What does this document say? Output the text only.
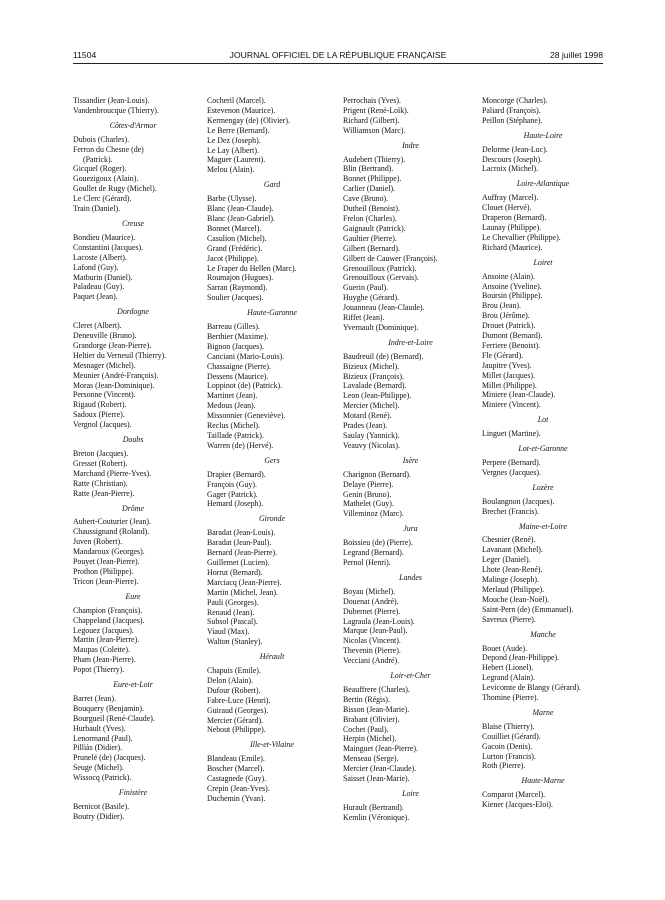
11504	JOURNAL OFFICIEL DE LA RÉPUBLIQUE FRANÇAISE	28 juillet 1998
Tissandier (Jean-Louis).
Vandenbroucque (Thierry).
Côtes-d'Armor
Dubois (Charles).
Ferron du Chesne (de)
(Patrick).
Gicquel (Roger).
Gouezigoux (Alain).
Goullet de Rugy (Michel).
Le Clerc (Gérard).
Train (Daniel).
Creuse
Bondieu (Maurice).
Constantini (Jacques).
Lacoste (Albert).
Lafond (Guy).
Matburin (Daniel).
Paladeau (Guy).
Paquet (Jean).
Dordogne
Cleret (Albert).
Deneuville (Bruno).
Grandorge (Jean-Pierre).
Heltier du Verneuil (Thierry).
Mesnager (Michel).
Meunier (André-François).
Moras (Jean-Dominique).
Personne (Vincent).
Rigaud (Robert).
Sadoux (Pierre).
Vergnol (Jacques).
Doubs
Breton (Jacques).
Gresset (Robert).
Marchand (Pierre-Yves).
Ratte (Christian).
Ratte (Jean-Pierre).
Drôme
Aubert-Couturier (Jean).
Chaussignand (Roland).
Juven (Robert).
Mandaroux (Georges).
Pouyet (Jean-Pierre).
Prothon (Philippe).
Tricon (Jean-Pierre).
Eure
Champion (François).
Chappeland (Jacques).
Legouez (Jacques).
Martin (Jean-Pierre).
Maupas (Colette).
Pham (Jean-Pierre).
Popot (Thierry).
Eure-et-Loir
Barret (Jean).
Bouquery (Benjamin).
Bourgueil (René-Claude).
Hurbault (Yves).
Lenormand (Paul).
Pilliàs (Didier).
Prunelé (de) (Jacques).
Seuge (Michel).
Wissocq (Patrick).
Finistère
Bernicot (Basile).
Boutry (Didier).
Cocheril (Marcel).
Estevenon (Maurice).
Kermengay (de) (Olivier).
Le Berre (Bernard).
Le Dez (Joseph).
Le Lay (Albert).
Maguer (Laurent).
Melou (Alain).
Gard
Barbe (Ulysse).
Blanc (Jean-Claude).
Blanc (Jean-Gabriel).
Bonnet (Marcel).
Casulion (Michel).
Grand (Frédéric).
Jacot (Philippe).
Le Fraper du Hellen (Marc).
Roumajon (Hugues).
Sarran (Raymond).
Soulier (Jacques).
Haute-Garonne
Barreau (Gilles).
Berthier (Maxime).
Bignon (Jacques).
Canciani (Mario-Louis).
Chassaigne (Pierre).
Dessens (Maurice).
Loppinot (de) (Patrick).
Martinet (Jean).
Medous (Jean).
Missonnier (Geneviève).
Reclus (Michel).
Taillade (Patrick).
Warren (de) (Hervé).
Gers
Drapier (Bernard).
François (Guy).
Gager (Patrick).
Hemard (Joseph).
Gironde
Baradat (Jean-Louis).
Baradat (Jean-Paul).
Bernard (Jean-Pierre).
Guillemet (Lucien).
Horrut (Bernard).
Marciacq (Jean-Pierre).
Martin (Michel, Jean).
Pauli (Georges).
Renaud (Jean).
Subsol (Pascal).
Viaud (Max).
Walton (Stanley).
Hérault
Chapuis (Emile).
Delon (Alain).
Dufour (Robert).
Fabre-Luce (Henri).
Guiraud (Georges).
Mercier (Gérard).
Nebout (Philippe).
Ille-et-Vilaine
Blandeau (Emile).
Boscher (Marcel).
Castagnede (Guy).
Crepin (Jean-Yves).
Duchemin (Yvan).
Perrochais (Yves).
Prigent (René-Loïk).
Richard (Gilbert).
Williamson (Marc).
Indre
Audebert (Thierry).
Blin (Bertrand).
Bonnet (Philippe).
Carlier (Daniel).
Cave (Bruno).
Dutheil (Benoist).
Frelon (Charles).
Gaignault (Patrick).
Gaultier (Pierre).
Gilbert (Bernard).
Gilbert de Cauwer (François).
Grenouilloux (Patrick).
Grenouilloux (Gervais).
Guerin (Paul).
Huyghe (Gérard).
Jouanneau (Jean-Claude).
Riffet (Jean).
Yvernault (Dominique).
Indre-et-Loire
Baudreuil (de) (Bernard).
Bizieux (Michel).
Bizieux (François).
Lavalade (Bernard).
Leon (Jean-Philippe).
Mercier (Michel).
Motard (René).
Prades (Jean).
Saulay (Yannick).
Veauvy (Nicolas).
Isère
Charignon (Bernard).
Delaye (Pierre).
Genin (Bruno).
Mathelet (Guy).
Villeminoz (Marc).
Jura
Boissieu (de) (Pierre).
Legrand (Bernard).
Pernol (Henri).
Landes
Boyau (Michel).
Douenat (André).
Dubernet (Pierre).
Lagraula (Jean-Louis).
Marque (Jean-Paul).
Nicolas (Vincent).
Thevenin (Pierre).
Vecciani (André).
Loir-et-Cher
Beauffrere (Charles).
Bertin (Régis).
Bisson (Jean-Marie).
Brabant (Olivier).
Cochet (Paul).
Herpin (Michel).
Mainguet (Jean-Pierre).
Menseau (Serge).
Mercier (Jean-Claude).
Saisset (Jean-Marie).
Loire
Hurault (Bertrand).
Kemlin (Véronique).
Moncorge (Charles).
Paliard (François).
Peillon (Stéphane).
Haute-Loire
Delorme (Jean-Luc).
Descours (Joseph).
Lacroix (Michel).
Loire-Atlantique
Auffray (Marcel).
Clouet (Hervé).
Draperon (Bernard).
Launay (Philippe).
Le Chevallier (Philippe).
Richard (Maurice).
Loiret
Ansoine (Alain).
Ansoine (Yveline).
Boursin (Philippe).
Brou (Jean).
Brou (Jérôme).
Drouet (Patrick).
Dumont (Bernard).
Ferriere (Benoist).
Fle (Gérard).
Jaupitre (Yves).
Millet (Jacques).
Millet (Philippe).
Miniere (Jean-Claude).
Miniere (Vincent).
Lot
Linguet (Martine).
Lot-et-Garonne
Perpere (Bernard).
Vergnes (Jacques).
Lozère
Boulangnon (Jacques).
Brechet (Francis).
Maine-et-Loire
Chesnier (René).
Lavanant (Michel).
Leger (Daniel).
Lhote (Jean-René).
Malinge (Joseph).
Merlaud (Philippe).
Mouche (Jean-Noël).
Saint-Pern (de) (Emmanuel).
Savreux (Pierre).
Manche
Bouet (Aude).
Depond (Jean-Philippe).
Hebert (Lionel).
Legrand (Alain).
Levicomte de Blangy (Gérard).
Thomine (Pierre).
Marne
Blaise (Thierry).
Couilliet (Gérard).
Gacoin (Denis).
Lurton (Francis).
Roth (Pierre).
Haute-Marne
Comparot (Marcel).
Kiener (Jacques-Eloi).
